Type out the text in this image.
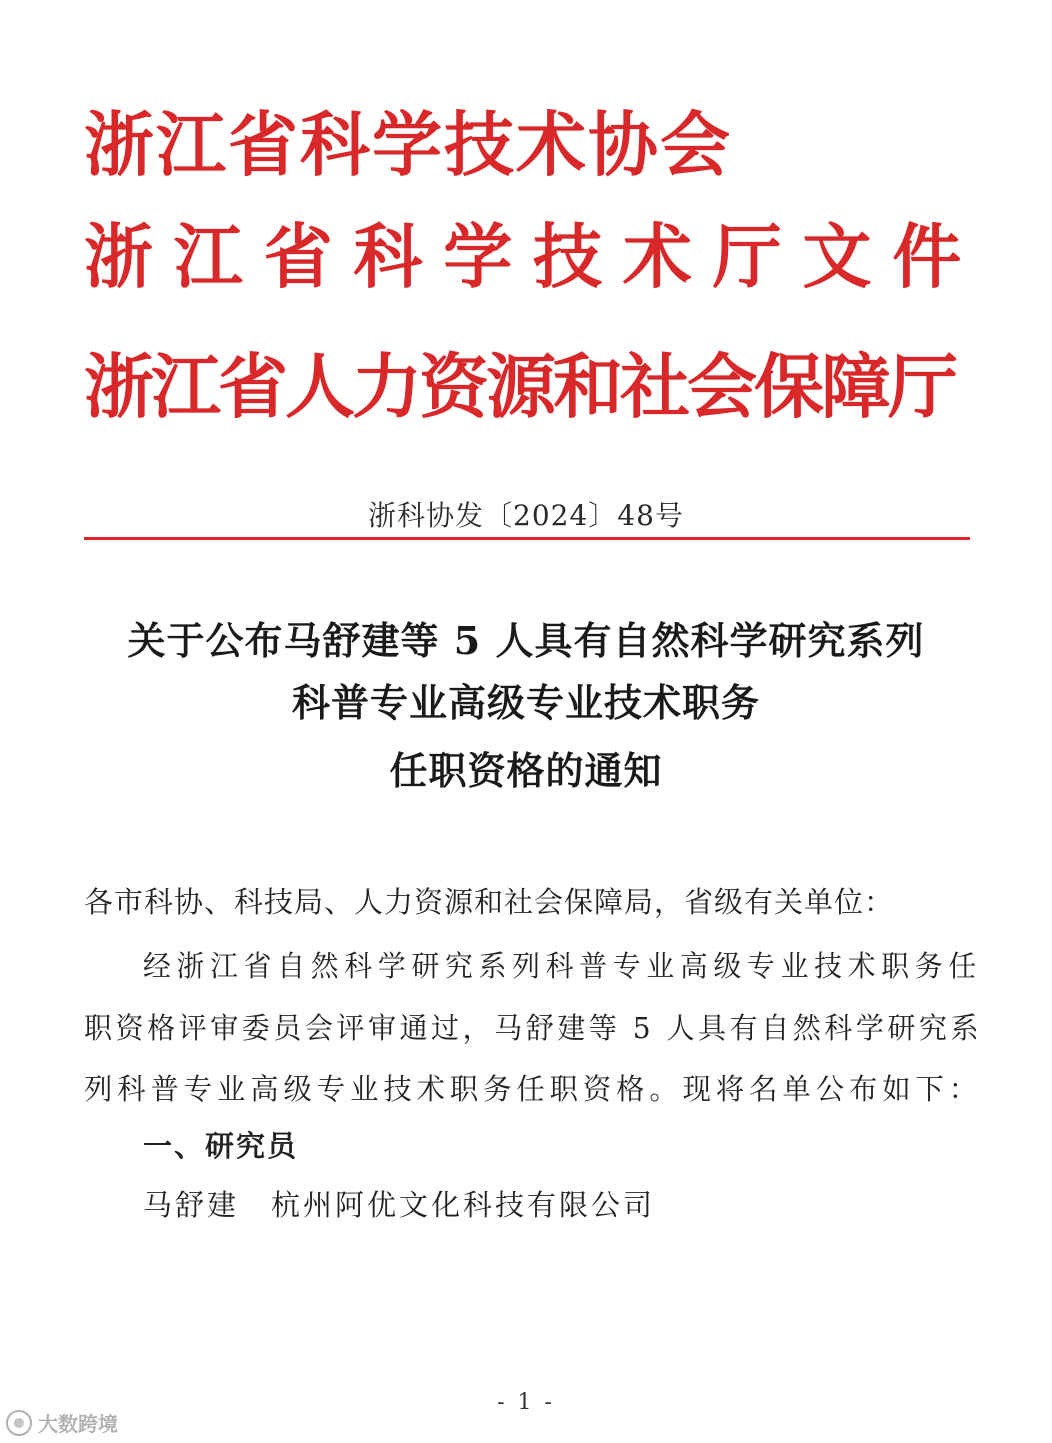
浙江省科学技术协会
浙江省科学技术厅文件
浙江省人力资源和社会保障厅
浙科协发〔2024〕48号
关于公布马舒建等 5 人具有自然科学研究系列
科普专业高级专业技术职务
任职资格的通知
各市科协、科技局、人力资源和社会保障局，省级有关单位：
经浙江省自然科学研究系列科普专业高级专业技术职务任
职资格评审委员会评审通过，马舒建等 5 人具有自然科学研究系
列科普专业高级专业技术职务任职资格。现将名单公布如下：
一、研究员
马舒建 杭州阿优文化科技有限公司
- 1 -
大数跨境
